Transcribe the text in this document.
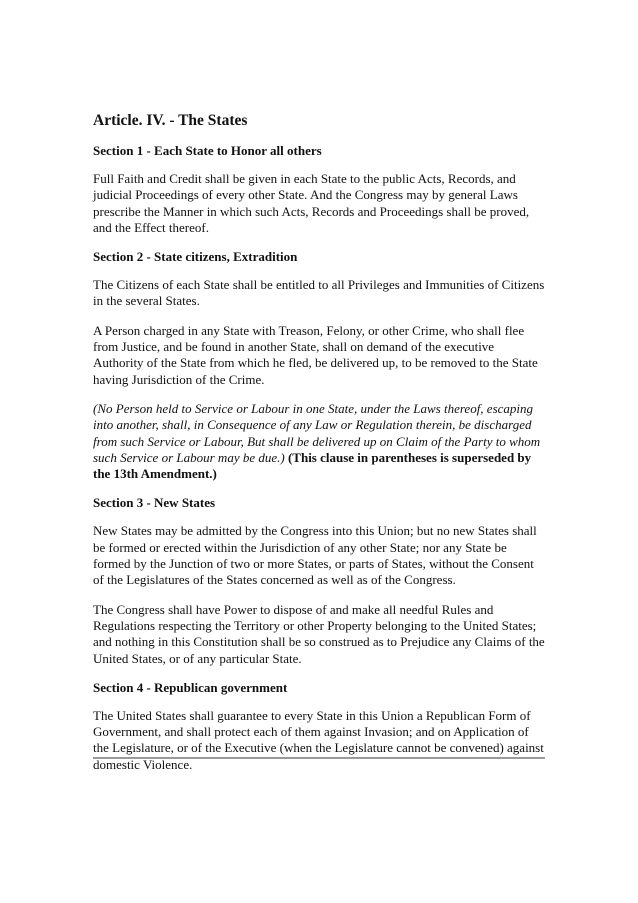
Article. IV. - The States
Section 1 - Each State to Honor all others

Full Faith and Credit shall be given in each State to the public Acts, Records, and judicial Proceedings of every other State. And the Congress may by general Laws prescribe the Manner in which such Acts, Records and Proceedings shall be proved, and the Effect thereof.

Section 2 - State citizens, Extradition

The Citizens of each State shall be entitled to all Privileges and Immunities of Citizens in the several States.

A Person charged in any State with Treason, Felony, or other Crime, who shall flee from Justice, and be found in another State, shall on demand of the executive Authority of the State from which he fled, be delivered up, to be removed to the State having Jurisdiction of the Crime.

(No Person held to Service or Labour in one State, under the Laws thereof, escaping into another, shall, in Consequence of any Law or Regulation therein, be discharged from such Service or Labour, But shall be delivered up on Claim of the Party to whom such Service or Labour may be due.) (This clause in parentheses is superseded by the 13th Amendment.)

Section 3 - New States

New States may be admitted by the Congress into this Union; but no new States shall be formed or erected within the Jurisdiction of any other State; nor any State be formed by the Junction of two or more States, or parts of States, without the Consent of the Legislatures of the States concerned as well as of the Congress.

The Congress shall have Power to dispose of and make all needful Rules and Regulations respecting the Territory or other Property belonging to the United States; and nothing in this Constitution shall be so construed as to Prejudice any Claims of the United States, or of any particular State.

Section 4 - Republican government

The United States shall guarantee to every State in this Union a Republican Form of Government, and shall protect each of them against Invasion; and on Application of the Legislature, or of the Executive (when the Legislature cannot be convened) against domestic Violence.
